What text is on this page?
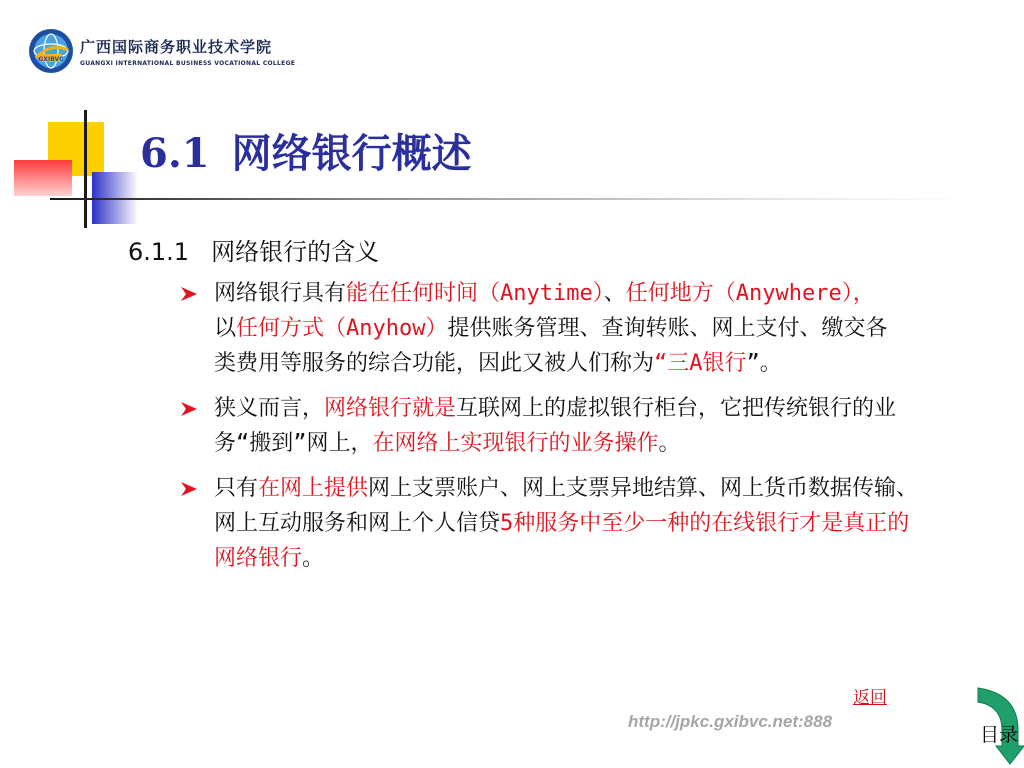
GXIBVC
广西国际商务职业技术学院
GUANGXI INTERNATIONAL BUSINESS VOCATIONAL COLLEGE
6.1 网络银行概述
6.1.1 网络银行的含义
网络银行具有能在任何时间（Anytime）、任何地方（Anywhere），以任何方式（Anyhow）提供账务管理、查询转账、网上支付、缴交各类费用等服务的综合功能，因此又被人们称为“三A银行”。
狭义而言，网络银行就是互联网上的虚拟银行柜台，它把传统银行的业务“搬到”网上，在网络上实现银行的业务操作。
只有在网上提供网上支票账户、网上支票异地结算、网上货币数据传输、网上互动服务和网上个人信贷5种服务中至少一种的在线银行才是真正的网络银行。
返回
http://jpkc.gxibvc.net:888
目录
